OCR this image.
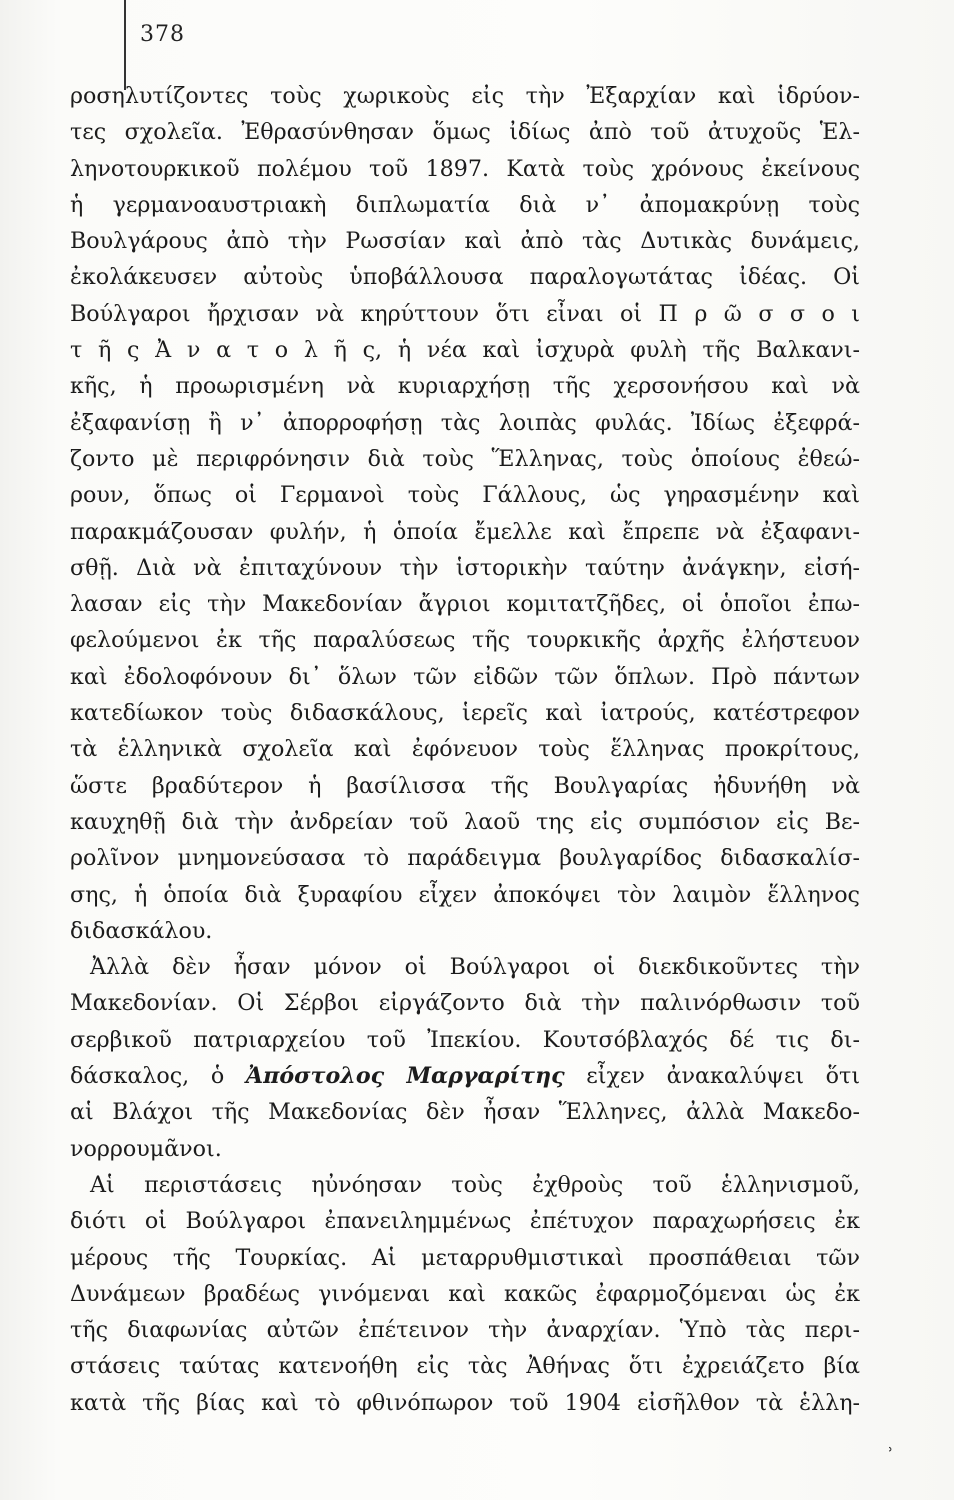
378
ροσηλυτίζοντες τοὺς χωρικοὺς εἰς τὴν Ἐξαρχίαν καὶ ἱδρύον-
τες σχολεῖα. Ἐθρασύνθησαν ὅμως ἰδίως ἀπὸ τοῦ ἀτυχοῦς Ἑλ-
ληνοτουρκικοῦ πολέμου τοῦ 1897. Κατὰ τοὺς χρόνους ἐκείνους
ἡ γερμανοαυστριακὴ διπλωματία διὰ ν᾽ ἀπομακρύνῃ τοὺς
Βουλγάρους ἀπὸ τὴν Ρωσσίαν καὶ ἀπὸ τὰς Δυτικὰς δυνάμεις,
ἐκολάκευσεν αὐτοὺς ὑποβάλλουσα παραλογωτάτας ἰδέας. Οἱ
Βούλγαροι ἤρχισαν νὰ κηρύττουν ὅτι εἶναι οἱ Π ρ ῶ σ σ ο ι
τ ῆ ς Ἀ ν α τ ο λ ῆ ς, ἡ νέα καὶ ἰσχυρὰ φυλὴ τῆς Βαλκανι-
κῆς, ἡ προωρισμένη νὰ κυριαρχήσῃ τῆς χερσονήσου καὶ νὰ
ἐξαφανίσῃ ἢ ν᾽ ἀπορροφήσῃ τὰς λοιπὰς φυλάς. Ἰδίως ἐξεφρά-
ζοντο μὲ περιφρόνησιν διὰ τοὺς Ἕλληνας, τοὺς ὁποίους ἐθεώ-
ρουν, ὅπως οἱ Γερμανοὶ τοὺς Γάλλους, ὡς γηρασμένην καὶ
παρακμάζουσαν φυλήν, ἡ ὁποία ἔμελλε καὶ ἔπρεπε νὰ ἐξαφανι-
σθῇ. Διὰ νὰ ἐπιταχύνουν τὴν ἱστορικὴν ταύτην ἀνάγκην, εἰσή-
λασαν εἰς τὴν Μακεδονίαν ἄγριοι κομιτατζῆδες, οἱ ὁποῖοι ἐπω-
φελούμενοι ἐκ τῆς παραλύσεως τῆς τουρκικῆς ἀρχῆς ἐλήστευον
καὶ ἐδολοφόνουν δι᾽ ὅλων τῶν εἰδῶν τῶν ὅπλων. Πρὸ πάντων
κατεδίωκον τοὺς διδασκάλους, ἱερεῖς καὶ ἰατρούς, κατέστρεφον
τὰ ἑλληνικὰ σχολεῖα καὶ ἐφόνευον τοὺς ἕλληνας προκρίτους,
ὥστε βραδύτερον ἡ βασίλισσα τῆς Βουλγαρίας ἠδυνήθη νὰ
καυχηθῇ διὰ τὴν ἀνδρείαν τοῦ λαοῦ της εἰς συμπόσιον εἰς Βε-
ρολῖνον μνημονεύσασα τὸ παράδειγμα βουλγαρίδος διδασκαλίσ-
σης, ἡ ὁποία διὰ ξυραφίου εἶχεν ἀποκόψει τὸν λαιμὸν ἕλληνος
διδασκάλου.
Ἀλλὰ δὲν ἦσαν μόνον οἱ Βούλγαροι οἱ διεκδικοῦντες τὴν
Μακεδονίαν. Οἱ Σέρβοι εἰργάζοντο διὰ τὴν παλινόρθωσιν τοῦ
σερβικοῦ πατριαρχείου τοῦ Ἰπεκίου. Κουτσόβλαχός δέ τις δι-
δάσκαλος, ὁ Ἀπόστολος Μαργαρίτης εἶχεν ἀνακαλύψει ὅτι
αἱ Βλάχοι τῆς Μακεδονίας δὲν ἦσαν Ἕλληνες, ἀλλὰ Μακεδο-
νορρουμᾶνοι.
Αἱ περιστάσεις ηὐνόησαν τοὺς ἐχθροὺς τοῦ ἑλληνισμοῦ,
διότι οἱ Βούλγαροι ἐπανειλημμένως ἐπέτυχον παραχωρήσεις ἐκ
μέρους τῆς Τουρκίας. Αἱ μεταρρυθμιστικαὶ προσπάθειαι τῶν
Δυνάμεων βραδέως γινόμεναι καὶ κακῶς ἐφαρμοζόμεναι ὡς ἐκ
τῆς διαφωνίας αὐτῶν ἐπέτεινον τὴν ἀναρχίαν. Ὑπὸ τὰς περι-
στάσεις ταύτας κατενοήθη εἰς τὰς Ἀθήνας ὅτι ἐχρειάζετο βία
κατὰ τῆς βίας καὶ τὸ φθινόπωρον τοῦ 1904 εἰσῆλθον τὰ ἑλλη-
˒
